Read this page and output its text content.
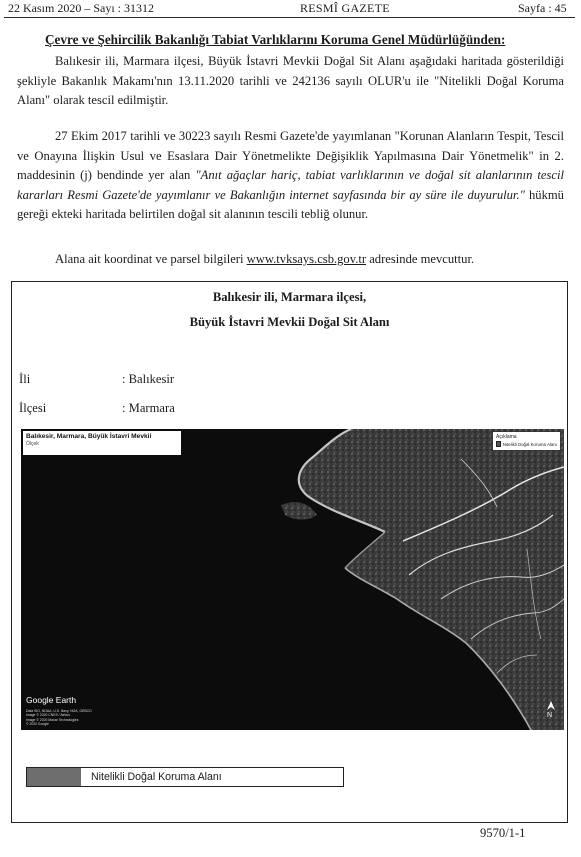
22 Kasım 2020 – Sayı : 31312	RESMÎ GAZETE	Sayfa : 45
Çevre ve Şehircilik Bakanlığı Tabiat Varlıklarını Koruma Genel Müdürlüğünden:

Balıkesir ili, Marmara ilçesi, Büyük İstavri Mevkii Doğal Sit Alanı aşağıdaki haritada gösterildiği şekliyle Bakanlık Makamı'nın 13.11.2020 tarihli ve 242136 sayılı OLUR'u ile "Nitelikli Doğal Koruma Alanı" olarak tescil edilmiştir.

27 Ekim 2017 tarihli ve 30223 sayılı Resmi Gazete'de yayımlanan "Korunan Alanların Tespit, Tescil ve Onayına İlişkin Usul ve Esaslara Dair Yönetmelikte Değişiklik Yapılmasına Dair Yönetmelik" in 2. maddesinin (j) bendinde yer alan "Anıt ağaçlar hariç, tabiat varlıklarının ve doğal sit alanlarının tescil kararları Resmi Gazete'de yayımlanır ve Bakanlığın internet sayfasında bir ay süre ile duyurulur." hükmü gereği ekteki haritada belirtilen doğal sit alanının tescili tebliğ olunur.

Alana ait koordinat ve parsel bilgileri www.tvksays.csb.gov.tr adresinde mevcuttur.

Balıkesir ili, Marmara ilçesi,
Büyük İstavri Mevkii Doğal Sit Alanı
İli	: Balıkesir
İlçesi	: Marmara
Balıkesir, Marmara, Büyük İstavri Mevkii
Ölçek
Açıklama
Nitelikli Doğal Koruma Alanı
Google Earth
Data SIO, NOAA, U.S. Navy, NGA, GEBCO
Image © 2020 CNES / Airbus
Image © 2020 Maxar Technologies
© 2020 Google
N
Nitelikli Doğal Koruma Alanı
9570/1-1
